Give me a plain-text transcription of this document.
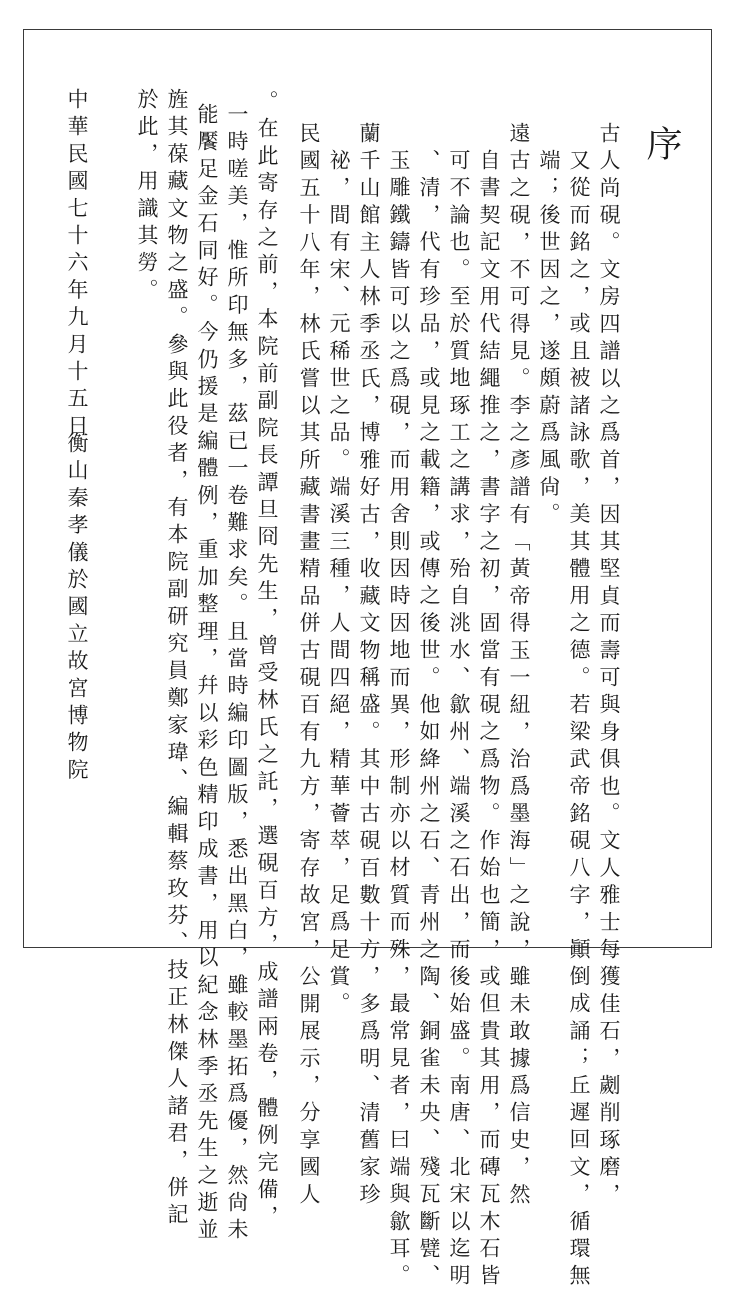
序
古人尚硯。文房四譜以之爲首，因其堅貞而壽可與身俱也。文人雅士每獲佳石，劌削琢磨，
又從而銘之，或且被諸詠歌，美其體用之德。若梁武帝銘硯八字，顚倒成誦；丘遲回文，循環無
端；後世因之，遂頗蔚爲風尙。
遠古之硯，不可得見。李之彥譜有「黃帝得玉一紐，治爲墨海」之說，雖未敢據爲信史，然
自書契記文用代結繩推之，書字之初，固當有硯之爲物。作始也簡，或但貴其用，而磚瓦木石皆
可不論也。至於質地琢工之講求，殆自洮水、歙州、端溪之石出，而後始盛。南唐、北宋以迄明
、清，代有珍品，或見之載籍，或傳之後世。他如絳州之石、青州之陶、銅雀未央、殘瓦斷甓、
玉雕鐵鑄皆可以之爲硯，而用舍則因時因地而異，形制亦以材質而殊，最常見者，曰端與歙耳。
蘭千山館主人林季丞氏，博雅好古，收藏文物稱盛。其中古硯百數十方，多爲明、清舊家珍
祕，間有宋、元稀世之品。端溪三種，人間四絕，精華薈萃，足爲足賞。
民國五十八年，林氏嘗以其所藏書畫精品併古硯百有九方，寄存故宮，公開展示，分享國人
。在此寄存之前，本院前副院長譚旦冏先生，曾受林氏之託，選硯百方，成譜兩卷，體例完備，
一時嗟美，惟所印無多，茲已一卷難求矣。且當時編印圖版，悉出黑白，雖較墨拓爲優，然尙未
能饜足金石同好。今仍援是編體例，重加整理，幷以彩色精印成書，用以紀念林季丞先生之逝並
旌其葆藏文物之盛。參與此役者，有本院副研究員鄭家瑋、編輯蔡玫芬、技正林傑人諸君，併記
於此，用識其勞。
中華民國七十六年九月十五日
衡山秦孝儀於國立故宮博物院
